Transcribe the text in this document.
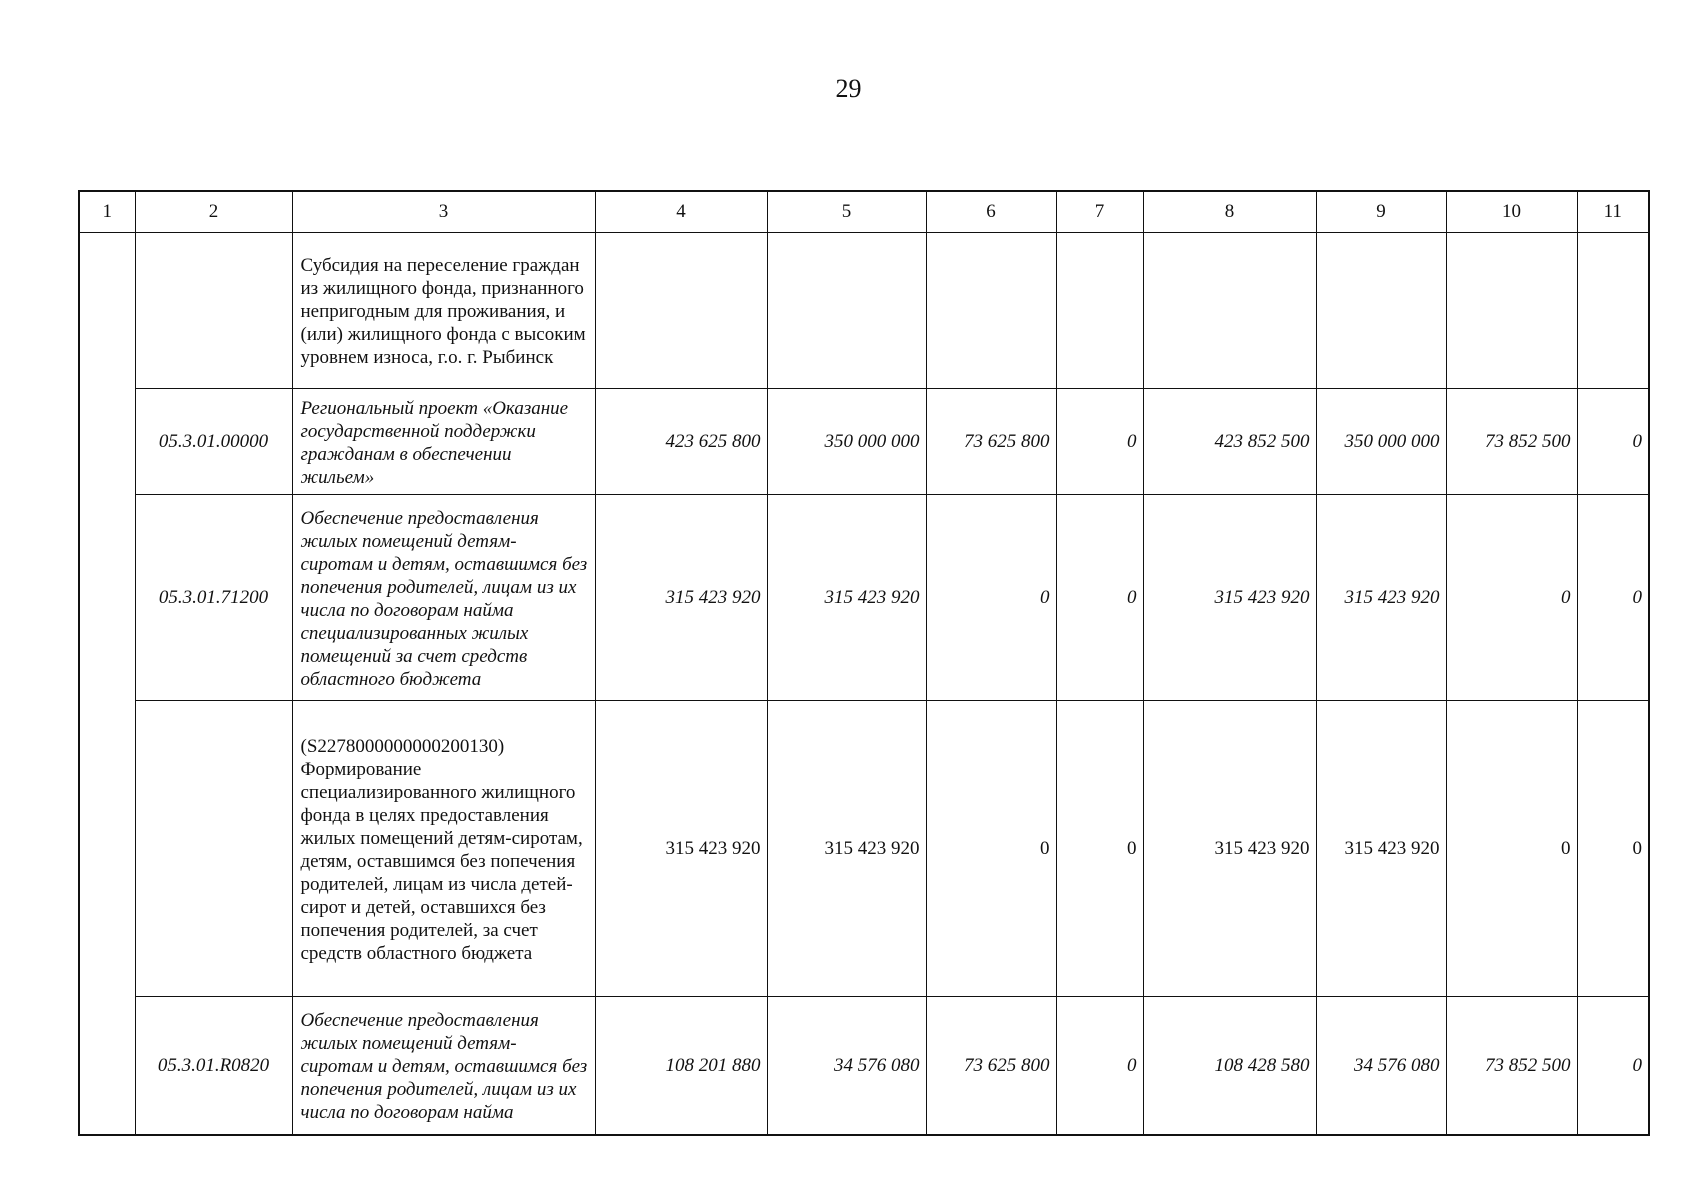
29
1	2	3	4	5	6	7	8	9	10	11
		Субсидия на переселение граждан из жилищного фонда, признанного непригодным для проживания, и (или) жилищного фонда с высоким уровнем износа, г.о. г. Рыбинск								
	05.3.01.00000	Региональный проект «Оказание государственной поддержки гражданам в обеспечении жильем»	423 625 800	350 000 000	73 625 800	0	423 852 500	350 000 000	73 852 500	0
	05.3.01.71200	Обеспечение предоставления жилых помещений детям-сиротам и детям, оставшимся без попечения родителей, лицам из их числа по договорам найма специализированных жилых помещений за счет средств областного бюджета	315 423 920	315 423 920	0	0	315 423 920	315 423 920	0	0
		(S2278000000000200130) Формирование специализированного жилищного фонда в целях предоставления жилых помещений детям-сиротам, детям, оставшимся без попечения родителей, лицам из числа детей-сирот и детей, оставшихся без попечения родителей, за счет средств областного бюджета	315 423 920	315 423 920	0	0	315 423 920	315 423 920	0	0
	05.3.01.R0820	Обеспечение предоставления жилых помещений детям-сиротам и детям, оставшимся без попечения родителей, лицам из их числа по договорам найма	108 201 880	34 576 080	73 625 800	0	108 428 580	34 576 080	73 852 500	0
